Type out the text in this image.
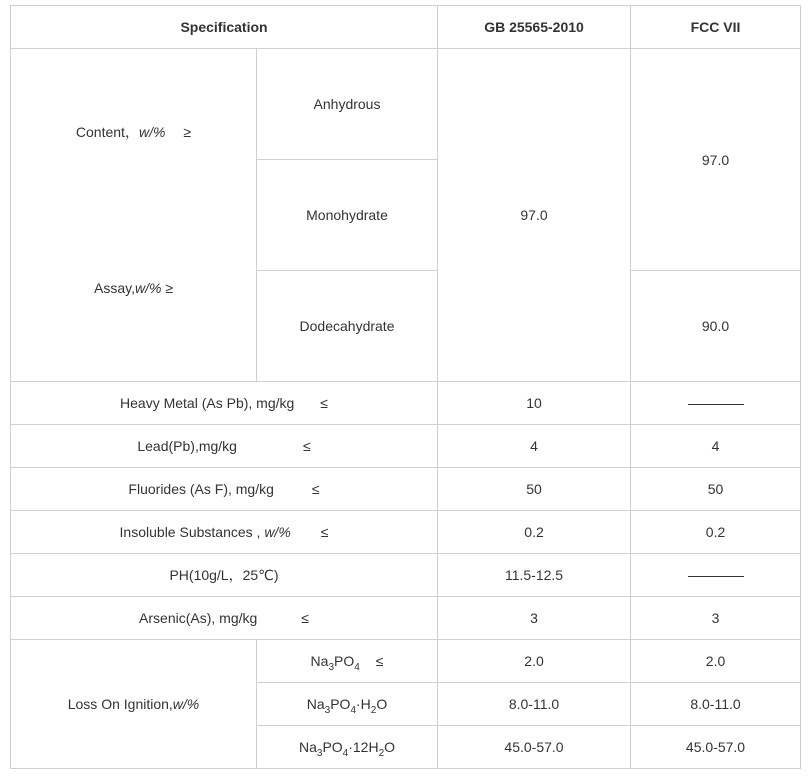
Specification		GB 25565-2010	FCC VII

Content，w/% ≥
Assay,w/% ≥	Anhydrous	97.0	97.0
	Monohydrate		
	Dodecahydrate		90.0
Heavy Metal (As Pb), mg/kg ≤		10	
Lead(Pb),mg/kg ≤		4	4
Fluorides (As F), mg/kg ≤		50	50
Insoluble Substances , w/% ≤		0.2	0.2
PH(10g/L，25℃)		11.5-12.5	
Arsenic(As), mg/kg ≤		3	3
Loss On Ignition,w/%	$Na_3PO_4$ ≤	2.0	2.0
	$Na_3PO_4\cdot H_2O$	8.0-11.0	8.0-11.0
	$Na_3PO_4\cdot 12H_2O$	45.0-57.0	45.0-57.0
